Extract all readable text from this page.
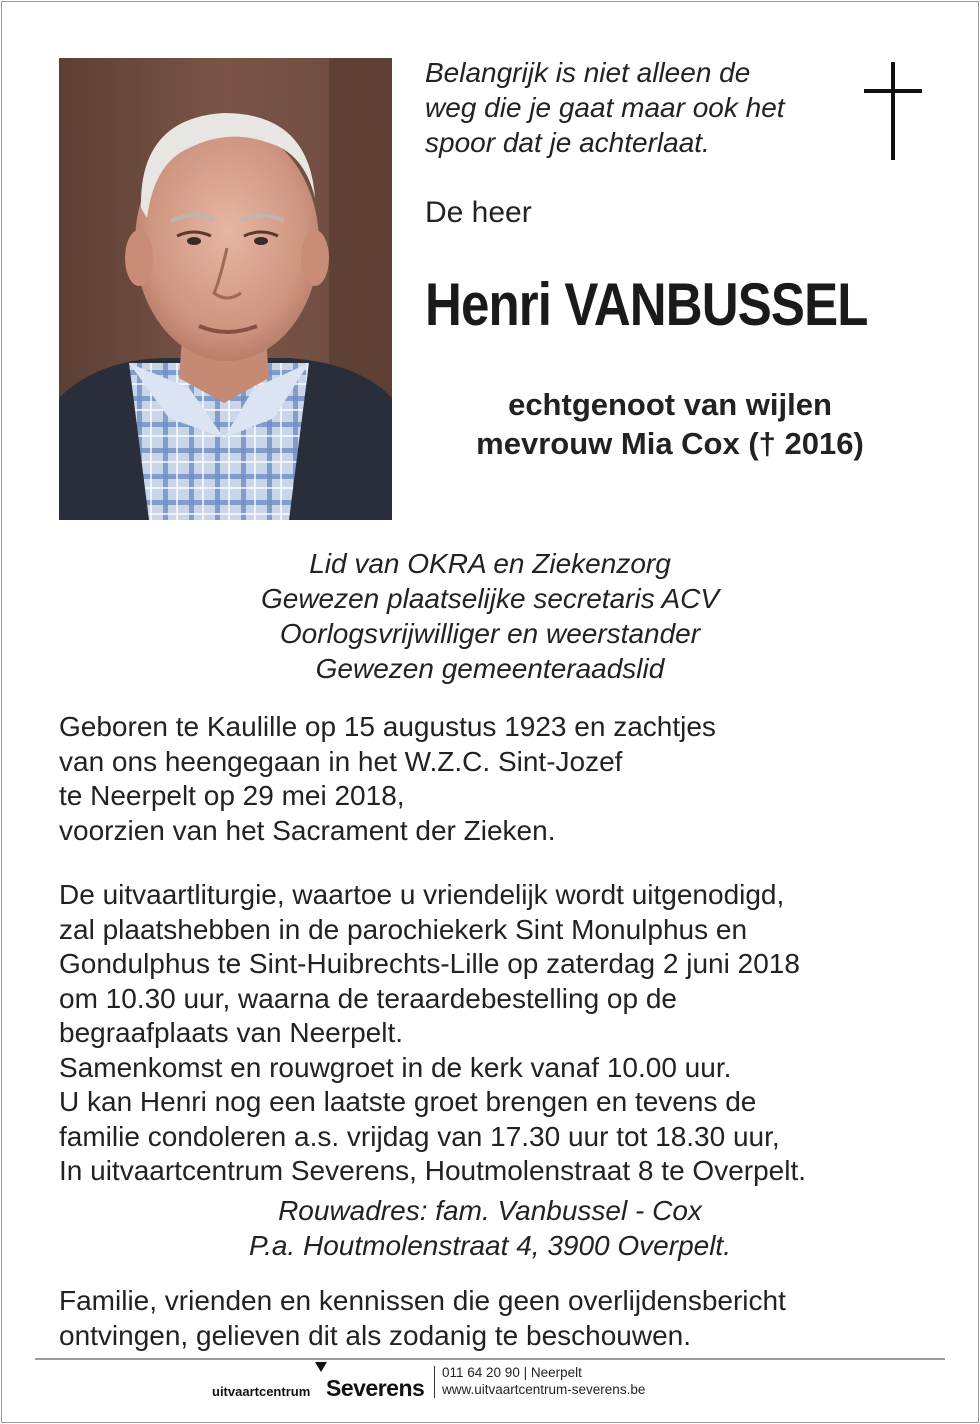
Belangrijk is niet alleen de
weg die je gaat maar ook het
spoor dat je achterlaat.
De heer
Henri VANBUSSEL
echtgenoot van wijlen
mevrouw Mia Cox († 2016)
Lid van OKRA en Ziekenzorg
Gewezen plaatselijke secretaris ACV
Oorlogsvrijwilliger en weerstander
Gewezen gemeenteraadslid
Geboren te Kaulille op 15 augustus 1923 en zachtjes
van ons heengegaan in het W.Z.C. Sint-Jozef
te Neerpelt op 29 mei 2018,
voorzien van het Sacrament der Zieken.
De uitvaartliturgie, waartoe u vriendelijk wordt uitgenodigd,
zal plaatshebben in de parochiekerk Sint Monulphus en
Gondulphus te Sint-Huibrechts-Lille op zaterdag 2 juni 2018
om 10.30 uur, waarna de teraardebestelling op de
begraafplaats van Neerpelt.
Samenkomst en rouwgroet in de kerk vanaf 10.00 uur.
U kan Henri nog een laatste groet brengen en tevens de
familie condoleren a.s. vrijdag van 17.30 uur tot 18.30 uur,
In uitvaartcentrum Severens, Houtmolenstraat 8 te Overpelt.
Rouwadres: fam. Vanbussel - Cox
P.a. Houtmolenstraat 4, 3900 Overpelt.
Familie, vrienden en kennissen die geen overlijdensbericht
ontvingen, gelieven dit als zodanig te beschouwen.
uitvaartcentrum Severens
011 64 20 90 | Neerpelt
www.uitvaartcentrum-severens.be
